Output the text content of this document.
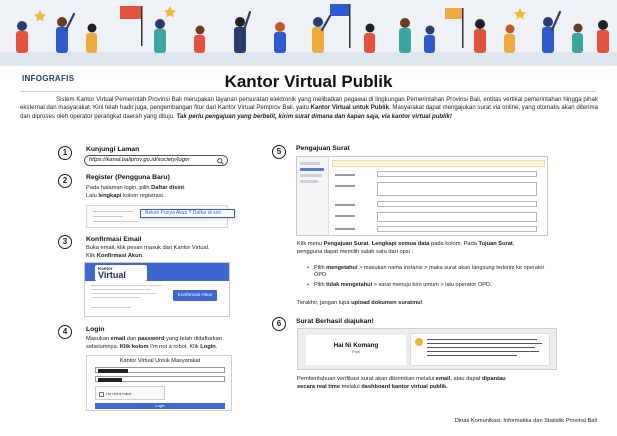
INFOGRAFIS	Kantor Virtual Publik
Sistem Kantor Virtual Pemerintah Provinsi Bali merupakan layanan persuratan elektronik yang melibatkan pegawai di lingkungan Pemerintahan Provinsi Bali, entitas vertikal pemerintahan hingga pihak eksternal dan masyarakat. Kini telah hadir juga, pengembangan fitur dari Kantor Virtual Pemprov Bali, yaitu Kantor Virtual untuk Publik. Masyarakat dapat mengajukan surat via online, yang otomatis akan diterima dan diproses oleh operator perangkat daerah yang dituju. Tak perlu pengajuan yang berbelit, kirim surat dimana dan kapan saja, via kantor virtual publik!
1	Kunjungi Laman
https://kanal.baliprov.go.id/society/login
2	Register (Pengguna Baru)
Pada halaman login, pilih Daftar disini.
Lalu lengkapi kolom registrasi.
Belum Punya Akun ? Daftar di sini
3	Konfirmasi Email
Buka email, klik pesan masuk dari Kantor Virtual.
Klik Konfirmasi Akun.
Kantor
Virtual
Konfirmasi Akun
4	Login
Masukan email dan password yang telah didaftarkan
sebelumnya. Klik kolom I'm not a robot. Klik Login.
Kantor Virtual Untuk Masyarakat
I'm not a robot
Login
5	Pengajuan Surat
Klik menu Pengajuan Surat. Lengkapi semua data pada kolom. Pada Tujuan Surat,
pengguna dapat memilih salah satu dari opsi :
• Pilih mengetahui > masukan nama instansi > maka surat akan langsung terkirim ke operator OPD.
• Pilih tidak mengetahui > surat menuju biro umum > lalu operator OPD.
Terakhir, jangan lupa upload dokumen suratmu!
6	Surat Berhasil diajukan!
Hai Ni Komang
Putri
Pemberitahuan verifikasi surat akan dikirimkan melalui email, atau dapat dipantau
secara real time melalui dashboard kantor virtual publik.
Dinas Komunikasi, Informatika dan Statistik Provinsi Bali
